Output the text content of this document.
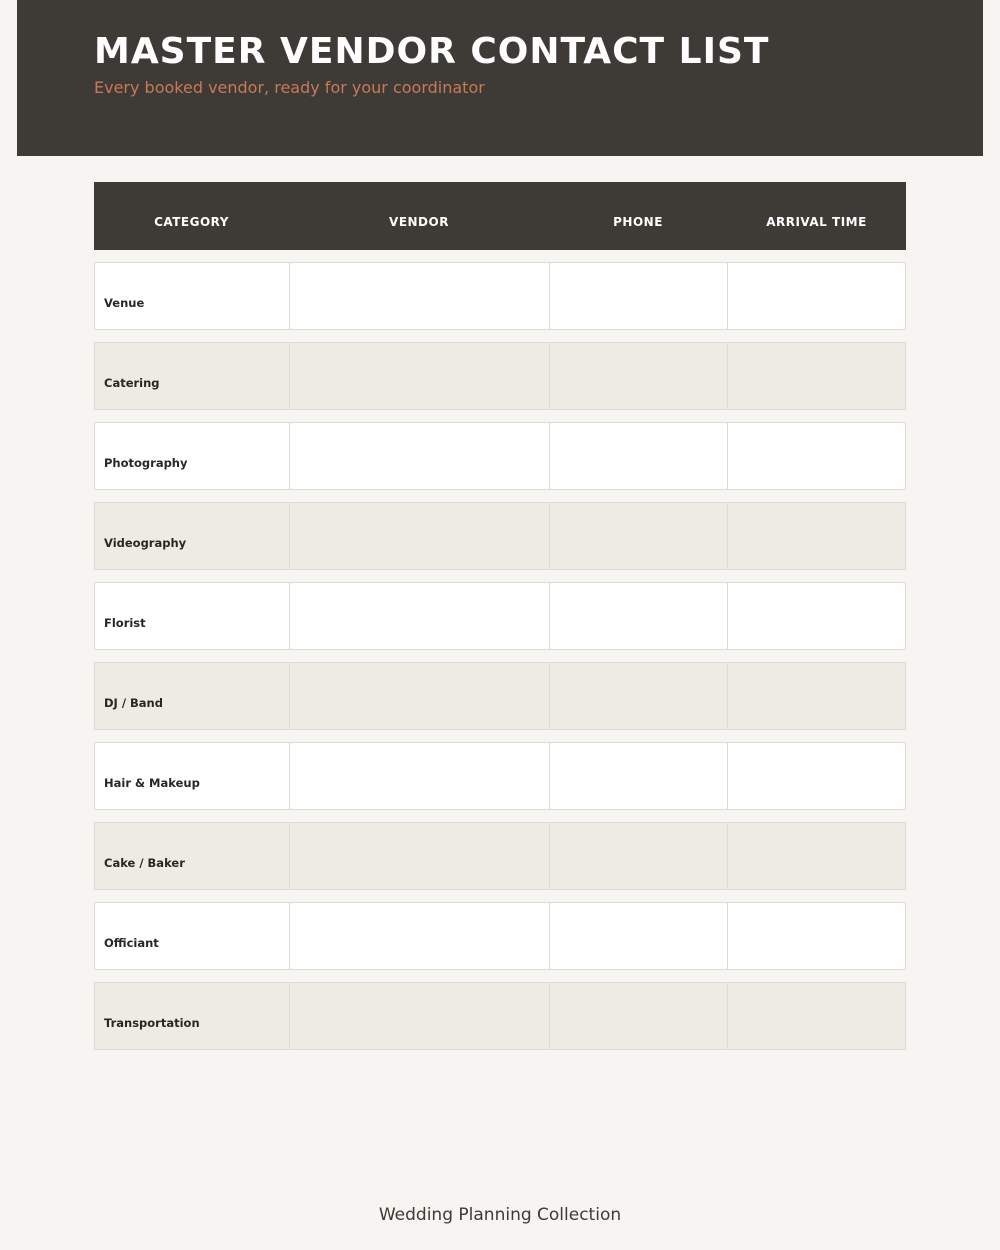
MASTER VENDOR CONTACT LIST
Every booked vendor, ready for your coordinator
CATEGORY	VENDOR	PHONE	ARRIVAL TIME
Venue
Catering
Photography
Videography
Florist
DJ / Band
Hair & Makeup
Cake / Baker
Officiant
Transportation
Wedding Planning Collection
